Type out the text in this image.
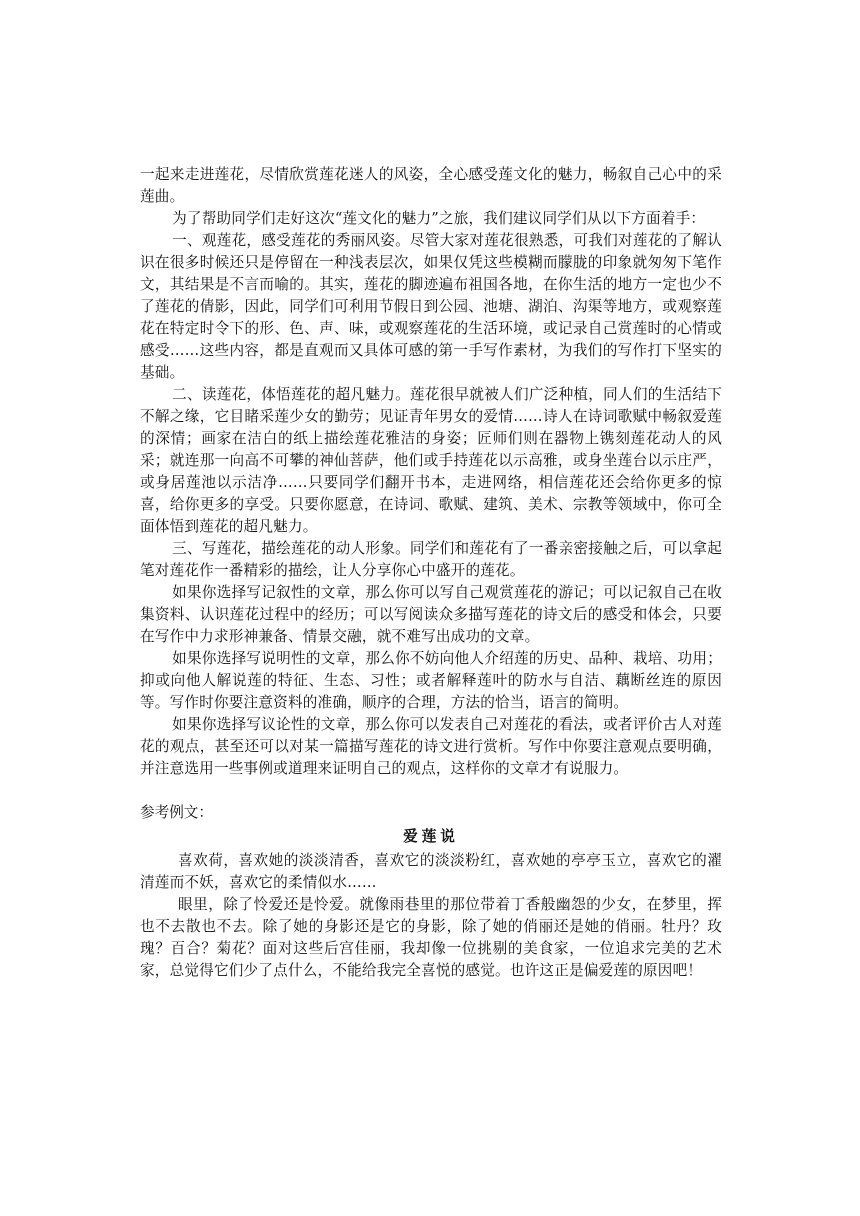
一起来走进莲花，尽情欣赏莲花迷人的风姿，全心感受莲文化的魅力，畅叙自己心中的采莲曲。

为了帮助同学们走好这次“莲文化的魅力”之旅，我们建议同学们从以下方面着手：

一、观莲花，感受莲花的秀丽风姿。尽管大家对莲花很熟悉，可我们对莲花的了解认识在很多时候还只是停留在一种浅表层次，如果仅凭这些模糊而朦胧的印象就匆匆下笔作文，其结果是不言而喻的。其实，莲花的脚迹遍布祖国各地，在你生活的地方一定也少不了莲花的倩影，因此，同学们可利用节假日到公园、池塘、湖泊、沟渠等地方，或观察莲花在特定时令下的形、色、声、味，或观察莲花的生活环境，或记录自己赏莲时的心情或感受……这些内容，都是直观而又具体可感的第一手写作素材，为我们的写作打下坚实的基础。

二、读莲花，体悟莲花的超凡魅力。莲花很早就被人们广泛种植，同人们的生活结下不解之缘，它目睹采莲少女的勤劳；见证青年男女的爱情……诗人在诗词歌赋中畅叙爱莲的深情；画家在洁白的纸上描绘莲花雅洁的身姿；匠师们则在器物上镌刻莲花动人的风采；就连那一向高不可攀的神仙菩萨，他们或手持莲花以示高雅，或身坐莲台以示庄严，或身居莲池以示洁净……只要同学们翻开书本，走进网络，相信莲花还会给你更多的惊喜，给你更多的享受。只要你愿意，在诗词、歌赋、建筑、美术、宗教等领域中，你可全面体悟到莲花的超凡魅力。

三、写莲花，描绘莲花的动人形象。同学们和莲花有了一番亲密接触之后，可以拿起笔对莲花作一番精彩的描绘，让人分享你心中盛开的莲花。

如果你选择写记叙性的文章，那么你可以写自己观赏莲花的游记；可以记叙自己在收集资料、认识莲花过程中的经历；可以写阅读众多描写莲花的诗文后的感受和体会，只要在写作中力求形神兼备、情景交融，就不难写出成功的文章。

如果你选择写说明性的文章，那么你不妨向他人介绍莲的历史、品种、栽培、功用；抑或向他人解说莲的特征、生态、习性；或者解释莲叶的防水与自洁、藕断丝连的原因等。写作时你要注意资料的准确，顺序的合理，方法的恰当，语言的简明。

如果你选择写议论性的文章，那么你可以发表自己对莲花的看法，或者评价古人对莲花的观点，甚至还可以对某一篇描写莲花的诗文进行赏析。写作中你要注意观点要明确，并注意选用一些事例或道理来证明自己的观点，这样你的文章才有说服力。

参考例文：

爱莲说

喜欢荷，喜欢她的淡淡清香，喜欢它的淡淡粉红，喜欢她的亭亭玉立，喜欢它的濯清莲而不妖，喜欢它的柔情似水……

眼里，除了怜爱还是怜爱。就像雨巷里的那位带着丁香般幽怨的少女，在梦里，挥也不去散也不去。除了她的身影还是它的身影，除了她的俏丽还是她的俏丽。牡丹？玫瑰？百合？菊花？面对这些后宫佳丽，我却像一位挑剔的美食家，一位追求完美的艺术家，总觉得它们少了点什么，不能给我完全喜悦的感觉。也许这正是偏爱莲的原因吧！
